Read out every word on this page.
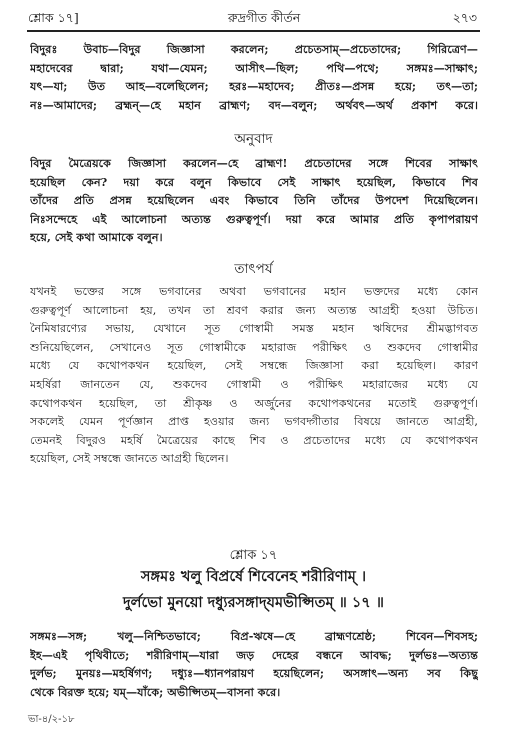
শ্লোক ১৭]	রুদ্রগীত কীর্তন	২৭৩
বিদুরঃ উবাচ—বিদুর জিজ্ঞাসা করলেন; প্রচেতসাম্—প্রচেতাদের; গিরিত্রেণ—
মহাদেবের দ্বারা; যথা—যেমন; আসীৎ—ছিল; পথি—পথে; সঙ্গমঃ—সাক্ষাৎ;
যৎ—যা; উত আহ—বলেছিলেন; হরঃ—মহাদেব; প্রীতঃ—প্রসন্ন হয়ে; তৎ—তা;
নঃ—আমাদের; ব্রহ্মন্—হে মহান ব্রাহ্মণ; বদ—বলুন; অর্থবৎ—অর্থ প্রকাশ করে।
অনুবাদ
বিদুর মৈত্রেয়কে জিজ্ঞাসা করলেন—হে ব্রাহ্মণ! প্রচেতাদের সঙ্গে শিবের সাক্ষাৎ
হয়েছিল কেন? দয়া করে বলুন কিভাবে সেই সাক্ষাৎ হয়েছিল, কিভাবে শিব
তাঁদের প্রতি প্রসন্ন হয়েছিলেন এবং কিভাবে তিনি তাঁদের উপদেশ দিয়েছিলেন।
নিঃসন্দেহে এই আলোচনা অত্যন্ত গুরুত্বপূর্ণ। দয়া করে আমার প্রতি কৃপাপরায়ণ
হয়ে, সেই কথা আমাকে বলুন।
তাৎপর্য
যখনই ভক্তের সঙ্গে ভগবানের অথবা ভগবানের মহান ভক্তদের মধ্যে কোন
গুরুত্বপূর্ণ আলোচনা হয়, তখন তা শ্রবণ করার জন্য অত্যন্ত আগ্রহী হওয়া উচিত।
নৈমিষারণ্যের সভায়, যেখানে সূত গোস্বামী সমস্ত মহান ঋষিদের শ্রীমদ্ভাগবত
শুনিয়েছিলেন, সেখানেও সূত গোস্বামীকে মহারাজ পরীক্ষিৎ ও শুকদেব গোস্বামীর
মধ্যে যে কথোপকথন হয়েছিল, সেই সম্বন্ধে জিজ্ঞাসা করা হয়েছিল। কারণ
মহর্ষিরা জানতেন যে, শুকদেব গোস্বামী ও পরীক্ষিৎ মহারাজের মধ্যে যে
কথোপকথন হয়েছিল, তা শ্রীকৃষ্ণ ও অর্জুনের কথোপকথনের মতোই গুরুত্বপূর্ণ।
সকলেই যেমন পূর্ণজ্ঞান প্রাপ্ত হওয়ার জন্য ভগবদ্গীতার বিষয়ে জানতে আগ্রহী,
তেমনই বিদুরও মহর্ষি মৈত্রেয়ের কাছে শিব ও প্রচেতাদের মধ্যে যে কথোপকথন
হয়েছিল, সেই সম্বন্ধে জানতে আগ্রহী ছিলেন।
শ্লোক ১৭
সঙ্গমঃ খলু বিপ্রর্ষে শিবেনেহ শরীরিণাম্ ।
দুর্লভো মুনয়ো দধ্যুরসঙ্গাদ্‌যমভীপ্সিতম্ ॥ ১৭ ॥
সঙ্গমঃ—সঙ্গ; খলু—নিশ্চিতভাবে; বিপ্র-ঋষে—হে ব্রাহ্মণশ্রেষ্ঠ; শিবেন—শিবসহ;
ইহ—এই পৃথিবীতে; শরীরিণাম্—যারা জড় দেহের বন্ধনে আবদ্ধ; দুর্লভঃ—অত্যন্ত
দুর্লভ; মুনয়ঃ—মহর্ষিগণ; দধ্যুঃ—ধ্যানপরায়ণ হয়েছিলেন; অসঙ্গাৎ—অন্য সব কিছু
থেকে বিরক্ত হয়ে; যম্—যাঁকে; অভীপ্সিতম্—বাসনা করে।
ভা-৪/২-১৮
